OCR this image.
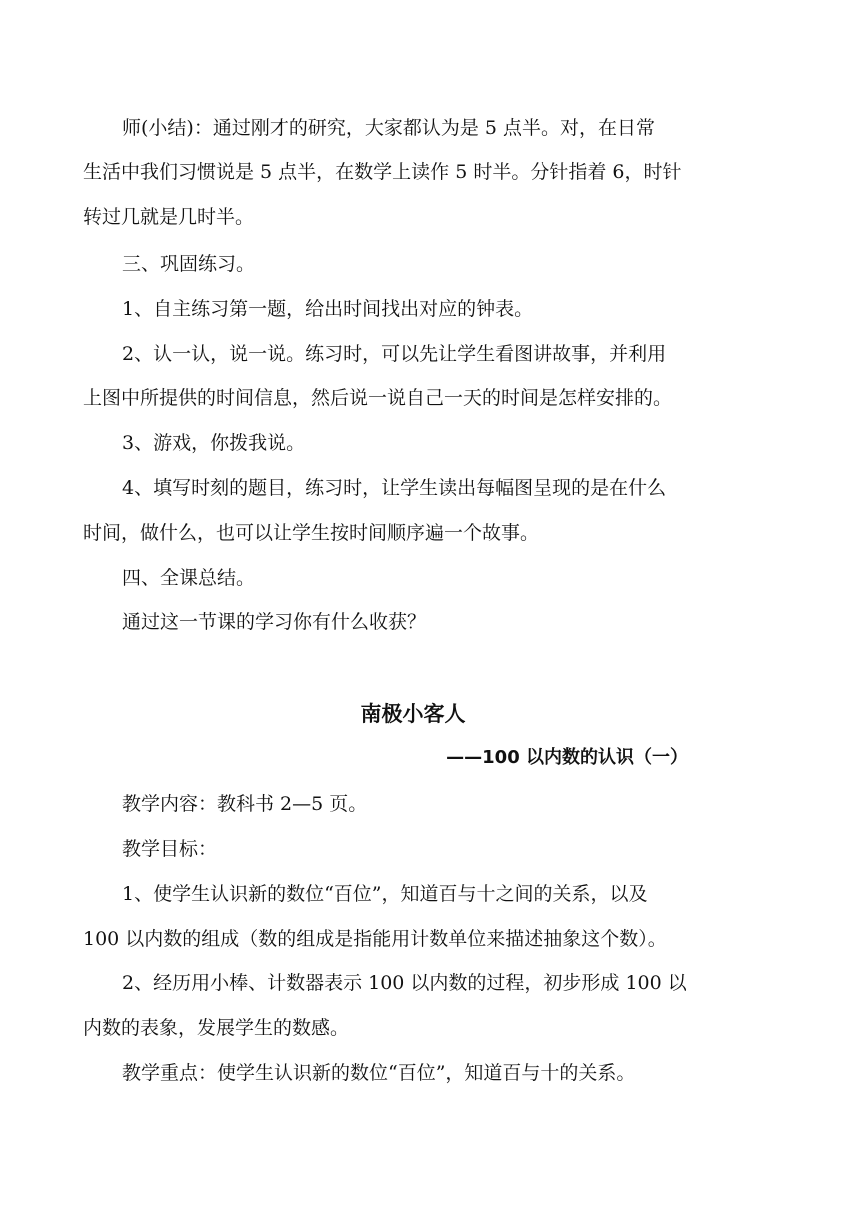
师(小结)：通过刚才的研究，大家都认为是 5 点半。对，在日常
生活中我们习惯说是 5 点半，在数学上读作 5 时半。分针指着 6，时针
转过几就是几时半。
三、巩固练习。
1、自主练习第一题，给出时间找出对应的钟表。
2、认一认，说一说。练习时，可以先让学生看图讲故事，并利用
上图中所提供的时间信息，然后说一说自己一天的时间是怎样安排的。
3、游戏，你拨我说。
4、填写时刻的题目，练习时，让学生读出每幅图呈现的是在什么
时间，做什么，也可以让学生按时间顺序遍一个故事。
四、全课总结。
通过这一节课的学习你有什么收获？
南极小客人
——100 以内数的认识（一）
教学内容：教科书 2—5 页。
教学目标：
1、使学生认识新的数位“百位”，知道百与十之间的关系，以及
100 以内数的组成（数的组成是指能用计数单位来描述抽象这个数）。
2、经历用小棒、计数器表示 100 以内数的过程，初步形成 100 以
内数的表象，发展学生的数感。
教学重点：使学生认识新的数位“百位”，知道百与十的关系。
